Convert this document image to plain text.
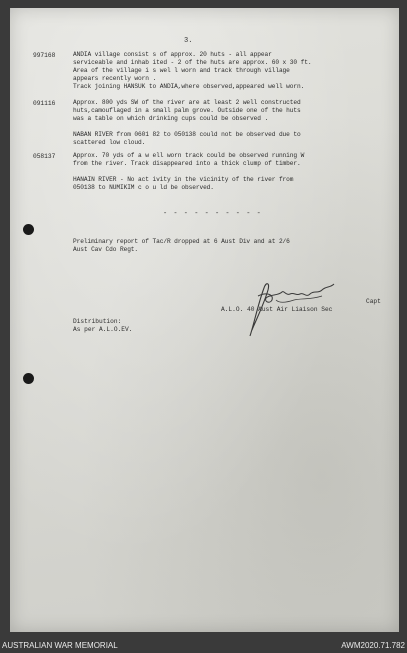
3.
997168	ANDIA village consist s of approx. 20 huts - all appear
serviceable and inhab ited - 2 of the huts are approx. 60 x 30 ft.
Area of the village i s wel l worn and track through village
appears recently worn .
Track joining HANSUK to ANDIA,where observed,appeared well worn.
091116	Approx. 800 yds SW of the river are at least 2 well constructed
huts,camouflaged in a small palm grove. Outside one of the huts
was a table on which drinking cups could be observed .

NABAN RIVER from 0601 82 to 050138 could not be observed due to
scattered low cloud.
058137	Approx. 70 yds of a w ell worn track could be observed running W
from the river. Track disappeared into a thick clump of timber.

HANAIN RIVER - No act ivity in the vicinity of the river from
050138 to NUMIKIM c o u ld be observed.
- - - - - - - - - -
Preliminary report of Tac/R dropped at 6 Aust Div and at 2/6
Aust Cav Cdo Regt.
Capt
A.L.O. 40 Aust Air Liaison Sec
Distribution:
As per A.L.O.EV.
AUSTRALIAN WAR MEMORIAL	AWM2020.71.782
